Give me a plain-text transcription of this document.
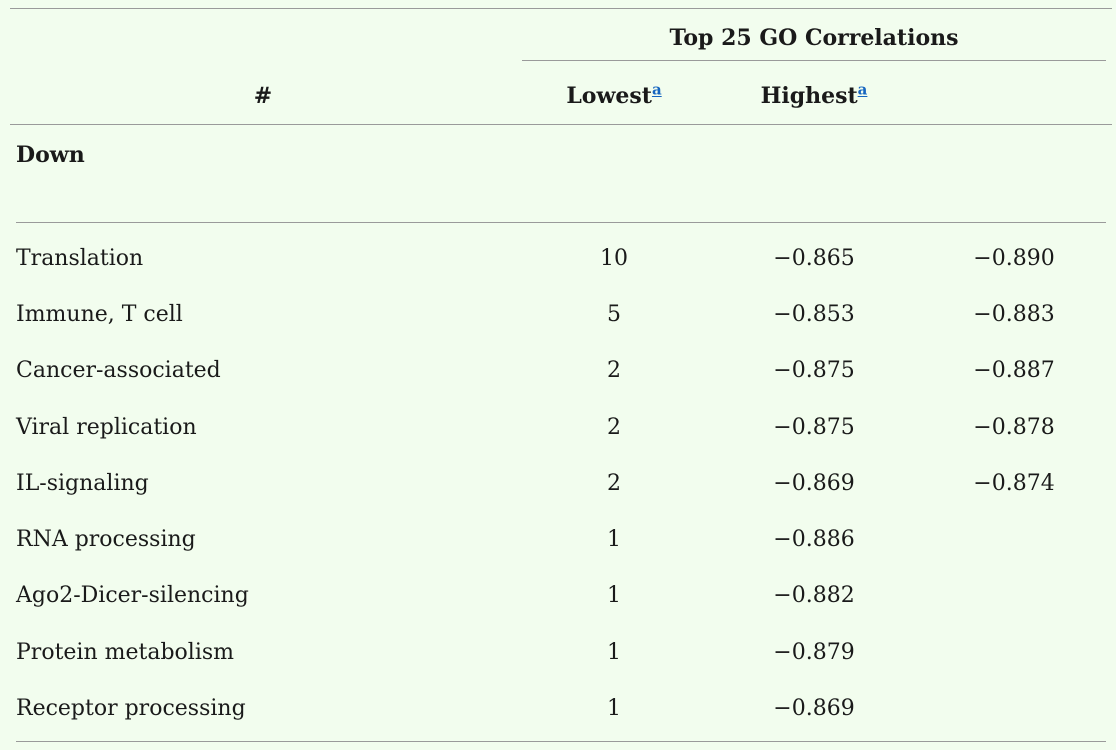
Top 25 GO Correlations
#	Lowest$^a$	Highest$^a$
Down
Translation	10	−0.865	−0.890
Immune, T cell	5	−0.853	−0.883
Cancer-associated	2	−0.875	−0.887
Viral replication	2	−0.875	−0.878
IL-signaling	2	−0.869	−0.874
RNA processing	1	−0.886
Ago2-Dicer-silencing	1	−0.882
Protein metabolism	1	−0.879
Receptor processing	1	−0.869
